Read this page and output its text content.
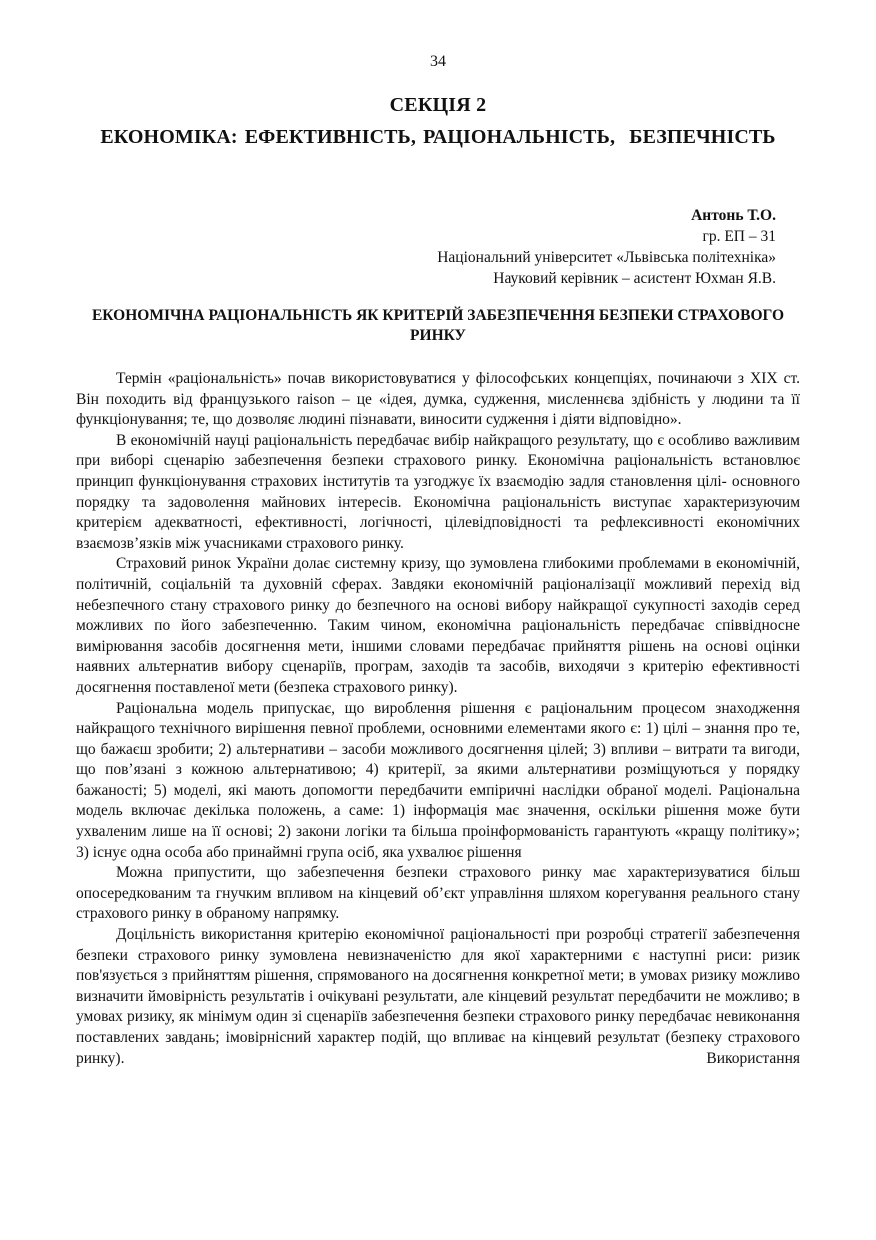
34
СЕКЦІЯ 2
ЕКОНОМІКА: ЕФЕКТИВНІСТЬ, РАЦІОНАЛЬНІСТЬ,  БЕЗПЕЧНІСТЬ
Антонь Т.О.
гр. ЕП – 31
Національний університет «Львівська політехніка»
Науковий керівник – асистент Юхман Я.В.
ЕКОНОМІЧНА РАЦІОНАЛЬНІСТЬ ЯК КРИТЕРІЙ ЗАБЕЗПЕЧЕННЯ БЕЗПЕКИ СТРАХОВОГО РИНКУ

Термін «раціональність» почав використовуватися у філософських концепціях, починаючи з XIX ст. Він походить від французького raison – це «ідея, думка, судження, мисленнєва здібність у людини та її функціонування; те, що дозволяє людині пізнавати, виносити судження і діяти відповідно».

В економічній науці раціональність передбачає вибір найкращого результату, що є особливо важливим при виборі сценарію забезпечення безпеки страхового ринку. Економічна раціональність встановлює принцип функціонування страхових інститутів та узгоджує їх взаємодію задля становлення цілі- основного порядку та задоволення майнових інтересів. Економічна раціональність виступає характеризуючим критерієм адекватності, ефективності, логічності, цілевідповідності та рефлексивності економічних взаємозв’язків між учасниками страхового ринку.

Страховий ринок України долає системну кризу, що зумовлена глибокими проблемами в економічній, політичній, соціальній та духовній сферах. Завдяки економічній раціоналізації можливий перехід від небезпечного стану страхового ринку до безпечного на основі вибору найкращої сукупності заходів серед можливих по його забезпеченню. Таким чином, економічна раціональність передбачає співвідносне вимірювання засобів досягнення мети, іншими словами передбачає прийняття рішень на основі оцінки наявних альтернатив вибору сценаріїв, програм, заходів та засобів, виходячи з критерію ефективності досягнення поставленої мети (безпека страхового ринку).

Раціональна модель припускає, що вироблення рішення є раціональним процесом знаходження найкращого технічного вирішення певної проблеми, основними елементами якого є: 1) цілі – знання про те, що бажаєш зробити; 2) альтернативи – засоби можливого досягнення цілей; 3) впливи – витрати та вигоди, що пов’язані з кожною альтернативою; 4) критерії, за якими альтернативи розміщуються у порядку бажаності; 5) моделі, які мають допомогти передбачити емпіричні наслідки обраної моделі. Раціональна модель включає декілька положень, а саме: 1) інформація має значення, оскільки рішення може бути ухваленим лише на її основі; 2) закони логіки та більша проінформованість гарантують «кращу політику»; 3) існує одна особа або принаймні група осіб, яка ухвалює рішення

Можна припустити, що забезпечення безпеки страхового ринку має характеризуватися більш опосередкованим та гнучким впливом на кінцевий об’єкт управління шляхом корегування реального стану страхового ринку в обраному напрямку.

Доцільність використання критерію економічної раціональності при розробці стратегії забезпечення безпеки страхового ринку зумовлена невизначеністю для якої характерними є наступні риси: ризик пов'язується з прийняттям рішення, спрямованого на досягнення конкретної мети; в умовах ризику можливо визначити ймовірність результатів і очікувані результати, але кінцевий результат передбачити не можливо; в умовах ризику, як мінімум один зі сценаріїв забезпечення безпеки страхового ринку передбачає невиконання поставлених завдань; імовірнісний характер подій, що впливає на кінцевий результат (безпеку страхового ринку). Використання
